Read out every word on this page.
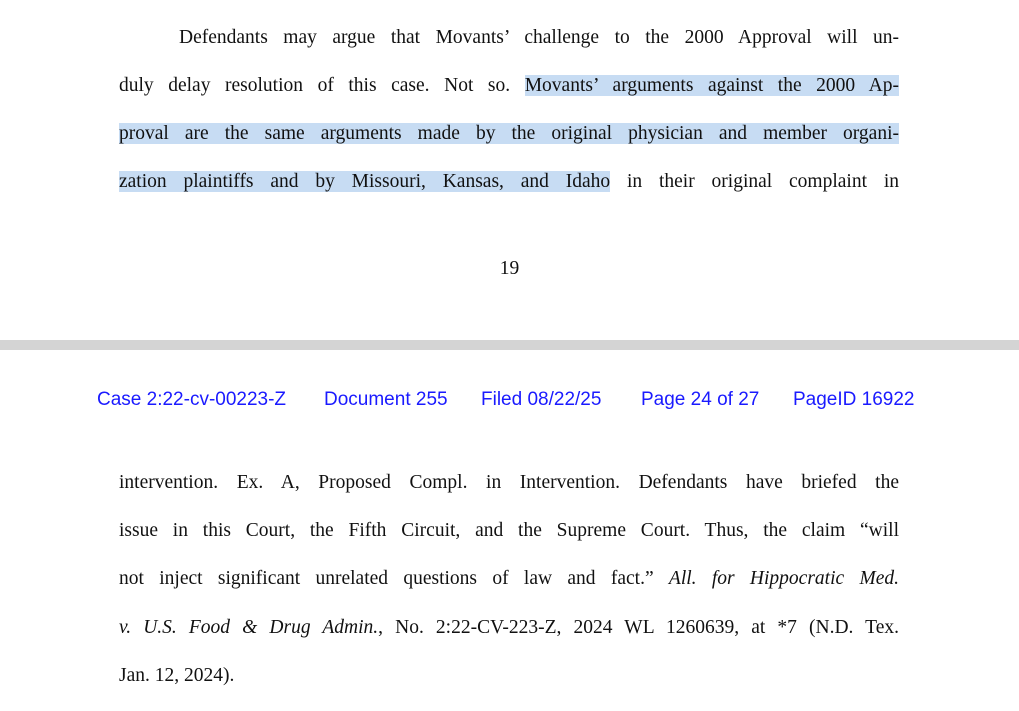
Defendants may argue that Movants’ challenge to the 2000 Approval will un-
duly delay resolution of this case. Not so. Movants’ arguments against the 2000 Ap-
proval are the same arguments made by the original physician and member organi-
zation plaintiffs and by Missouri, Kansas, and Idaho in their original complaint in
19
Case 2:22-cv-00223-Z Document 255 Filed 08/22/25 Page 24 of 27 PageID 16922
intervention. Ex. A, Proposed Compl. in Intervention. Defendants have briefed the
issue in this Court, the Fifth Circuit, and the Supreme Court. Thus, the claim “will
not inject significant unrelated questions of law and fact.” All. for Hippocratic Med.
v. U.S. Food & Drug Admin., No. 2:22-CV-223-Z, 2024 WL 1260639, at *7 (N.D. Tex.
Jan. 12, 2024).
